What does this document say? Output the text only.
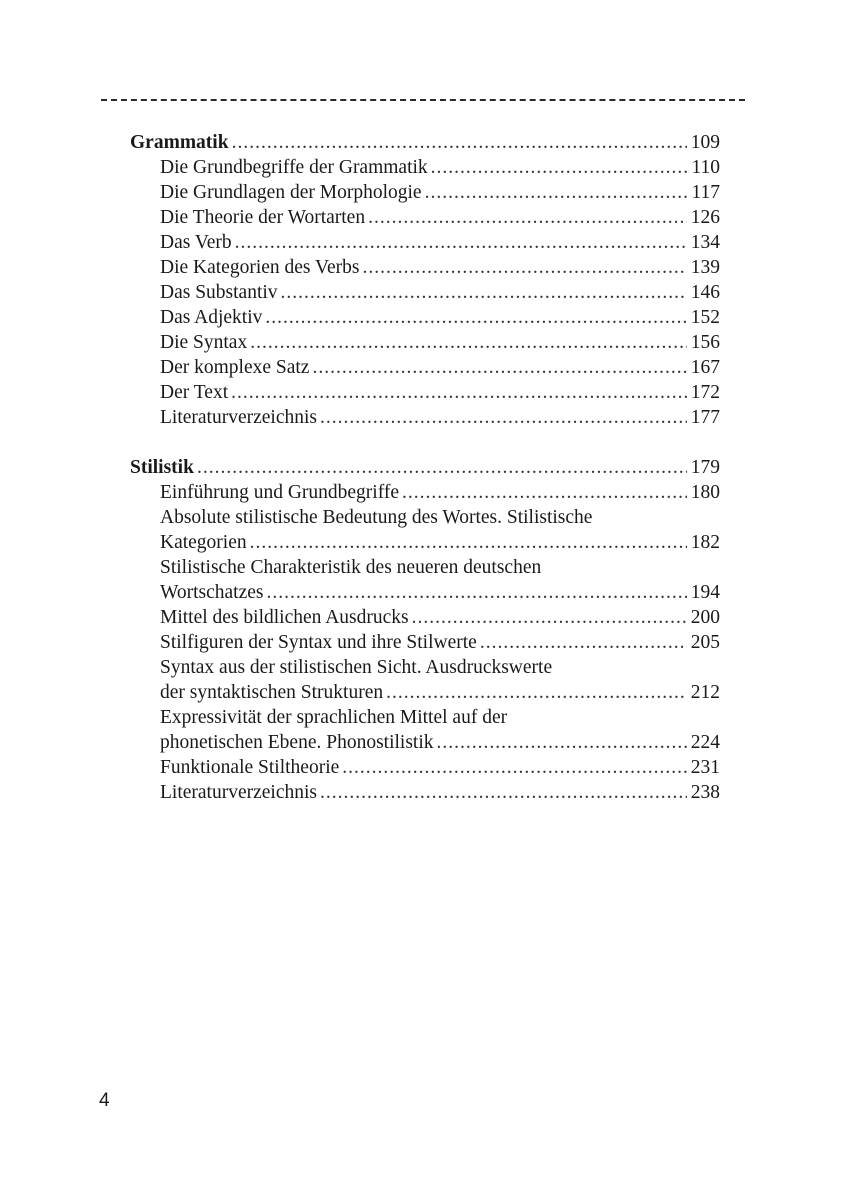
Grammatik .....	109
Die Grundbegriffe der Grammatik .....	110
Die Grundlagen der Morphologie .....	117
Die Theorie der Wortarten .....	126
Das Verb .....	134
Die Kategorien des Verbs .....	139
Das Substantiv .....	146
Das Adjektiv .....	152
Die Syntax .....	156
Der komplexe Satz .....	167
Der Text .....	172
Literaturverzeichnis .....	177
Stilistik .....	179
Einführung und Grundbegriffe .....	180
Absolute stilistische Bedeutung des Wortes. Stilistische
Kategorien .....	182
Stilistische Charakteristik des neueren deutschen
Wortschatzes .....	194
Mittel des bildlichen Ausdrucks .....	200
Stilfiguren der Syntax und ihre Stilwerte .....	205
Syntax aus der stilistischen Sicht. Ausdruckswerte
der syntaktischen Strukturen .....	212
Expressivität der sprachlichen Mittel auf der
phonetischen Ebene. Phonostilistik .....	224
Funktionale Stiltheorie .....	231
Literaturverzeichnis .....	238
4
